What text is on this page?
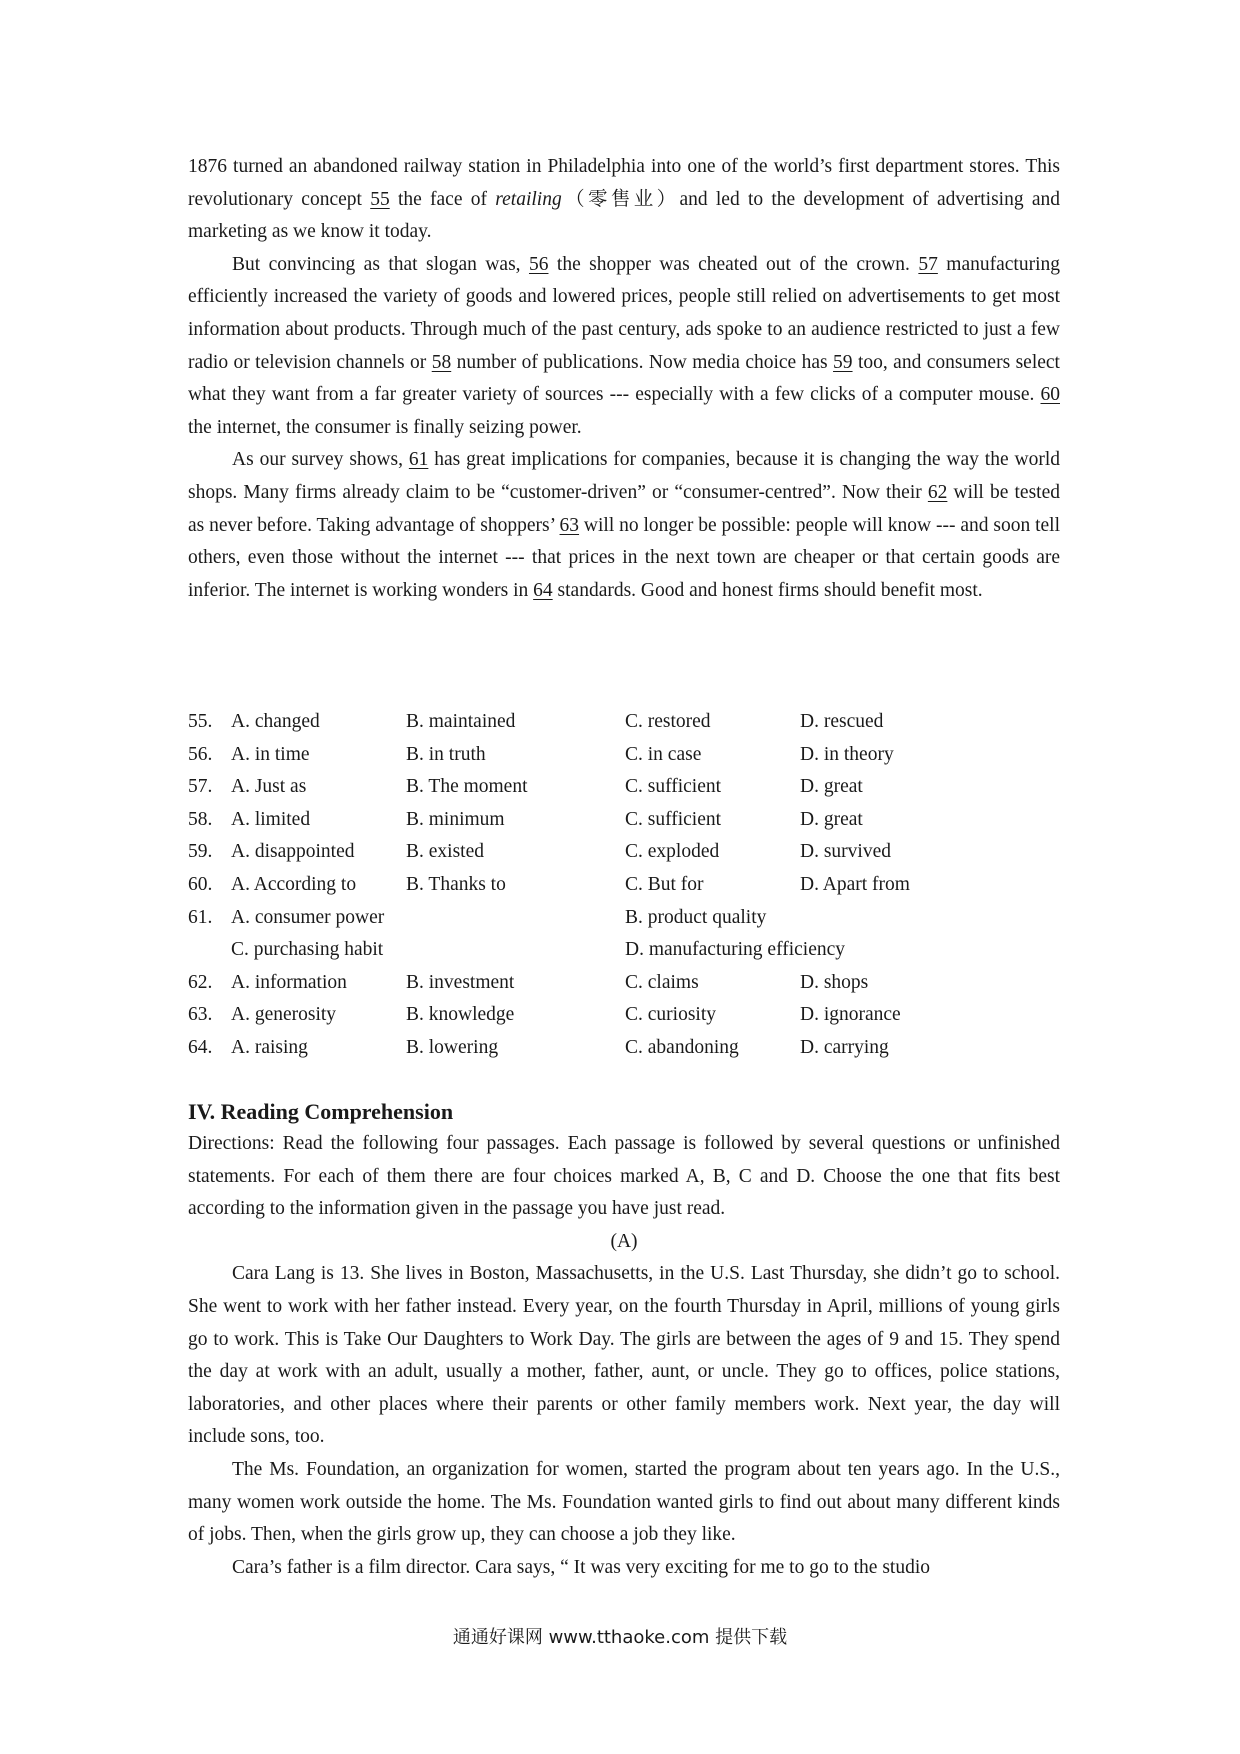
1876 turned an abandoned railway station in Philadelphia into one of the world’s first department stores. This revolutionary concept 55 the face of retailing（零售业）and led to the development of advertising and marketing as we know it today.

But convincing as that slogan was, 56 the shopper was cheated out of the crown. 57 manufacturing efficiently increased the variety of goods and lowered prices, people still relied on advertisements to get most information about products. Through much of the past century, ads spoke to an audience restricted to just a few radio or television channels or 58 number of publications. Now media choice has 59 too, and consumers select what they want from a far greater variety of sources --- especially with a few clicks of a computer mouse. 60 the internet, the consumer is finally seizing power.

As our survey shows, 61 has great implications for companies, because it is changing the way the world shops. Many firms already claim to be “customer-driven” or “consumer-centred”. Now their 62 will be tested as never before. Taking advantage of shoppers’ 63 will no longer be possible: people will know --- and soon tell others, even those without the internet --- that prices in the next town are cheaper or that certain goods are inferior. The internet is working wonders in 64 standards. Good and honest firms should benefit most.

55. A. changed	B. maintained	C. restored	D. rescued
56. A. in time	B. in truth	C. in case	D. in theory
57. A. Just as	B. The moment	C. sufficient	D. great
58. A. limited	B. minimum	C. sufficient	D. great
59. A. disappointed	B. existed	C. exploded	D. survived
60. A. According to	B. Thanks to	C. But for	D. Apart from
61. A. consumer power	B. product quality
C. purchasing habit	D. manufacturing efficiency
62. A. information	B. investment	C. claims	D. shops
63. A. generosity	B. knowledge	C. curiosity	D. ignorance
64. A. raising	B. lowering	C. abandoning	D. carrying
IV. Reading Comprehension

Directions: Read the following four passages. Each passage is followed by several questions or unfinished statements. For each of them there are four choices marked A, B, C and D. Choose the one that fits best according to the information given in the passage you have just read.

(A)

Cara Lang is 13. She lives in Boston, Massachusetts, in the U.S. Last Thursday, she didn’t go to school. She went to work with her father instead. Every year, on the fourth Thursday in April, millions of young girls go to work. This is Take Our Daughters to Work Day. The girls are between the ages of 9 and 15. They spend the day at work with an adult, usually a mother, father, aunt, or uncle. They go to offices, police stations, laboratories, and other places where their parents or other family members work. Next year, the day will include sons, too.

The Ms. Foundation, an organization for women, started the program about ten years ago. In the U.S., many women work outside the home. The Ms. Foundation wanted girls to find out about many different kinds of jobs. Then, when the girls grow up, they can choose a job they like.

Cara’s father is a film director. Cara says, “ It was very exciting for me to go to the studio

通通好课网 www.tthaoke.com 提供下载
